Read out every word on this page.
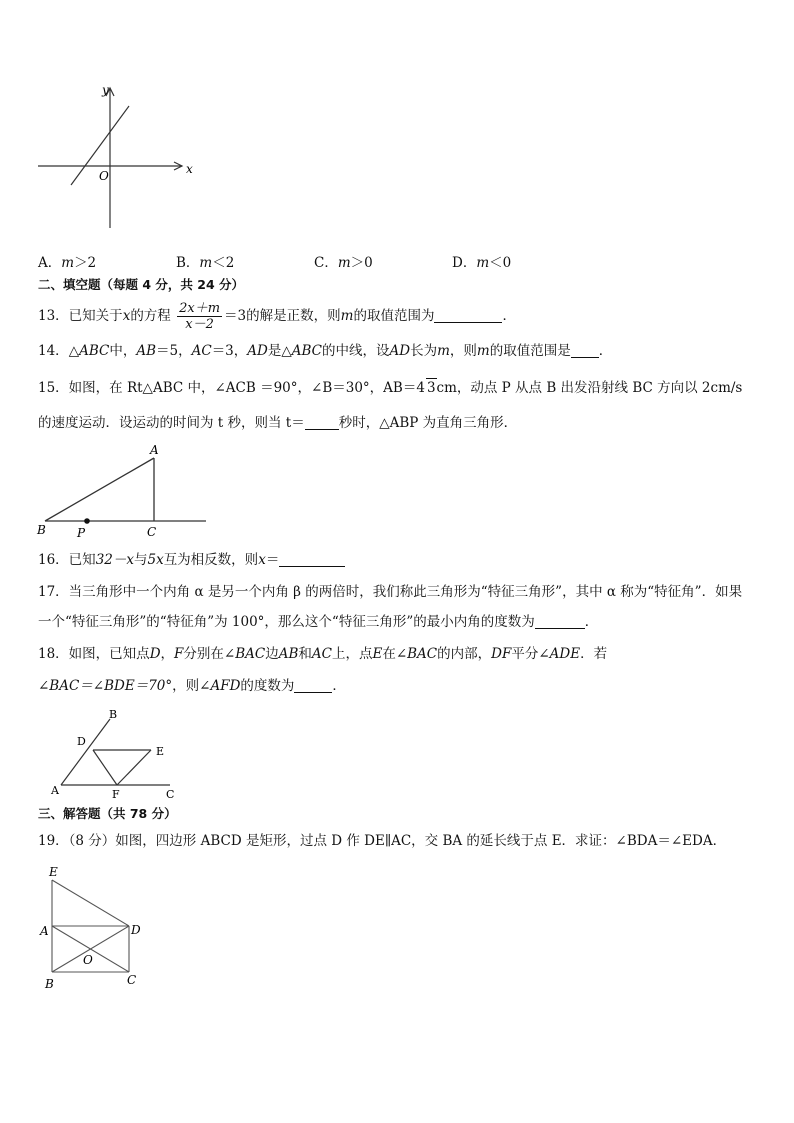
y
x
O
A．m＞2	B．m＜2	C．m＞0	D．m＜0
二、填空题（每题 4 分，共 24 分）
13．已知关于x的方程 $\frac{2x+m}{x-2} =3$的解是正数，则m的取值范围为	．
14．△ABC中，AB＝5，AC＝3，AD是△ABC的中线，设AD长为m，则m的取值范围是 ．
15．如图，在 Rt△ABC 中，∠ACB ＝90°，∠B＝30°，AB＝4 3cm，动点 P 从点 B 出发沿射线 BC 方向以 2cm/s
的速度运动．设运动的时间为 t 秒，则当 t＝	秒时，△ABP 为直角三角形．
A
B	C
P
16．已知32－x与5x互为相反数，则x＝
17．当三角形中一个内角 α 是另一个内角 β 的两倍时，我们称此三角形为“特征三角形”，其中 α 称为“特征角”．如果
一个“特征三角形”的“特征角”为 100°，那么这个“特征三角形”的最小内角的度数为	．
18．如图，已知点D，F分别在∠BAC边AB和AC上，点E在∠BAC的内部，DF平分∠ADE．若
∠BAC＝∠BDE＝70°，则∠AFD的度数为	．
B
D
E
A	F	C
三、解答题（共 78 分）
19．（8 分）如图，四边形 ABCD 是矩形，过点 D 作 DE∥AC，交 BA 的延长线于点 E．求证：∠BDA＝∠EDA．
E
A	D
O
B	C
